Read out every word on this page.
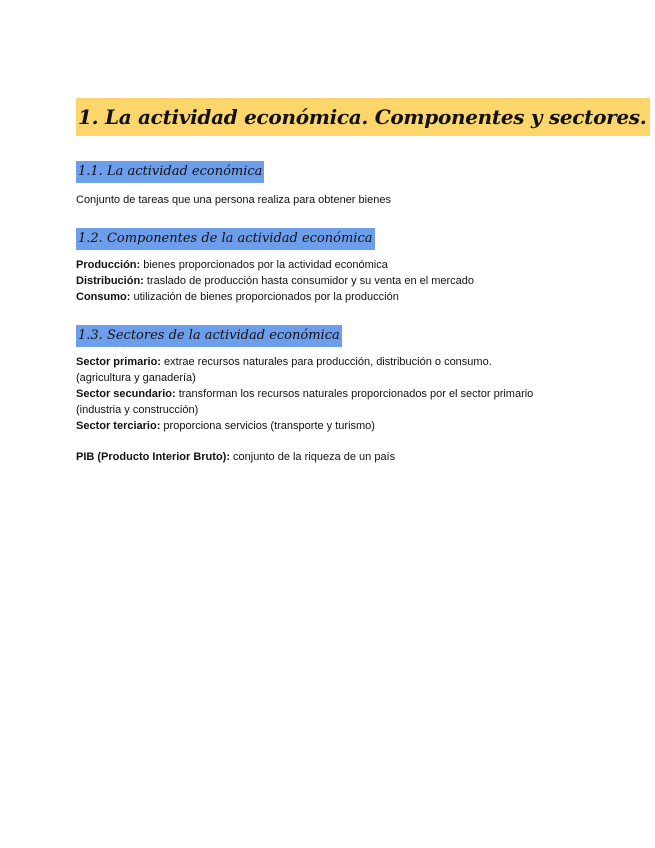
1. La actividad económica. Componentes y sectores.
1.1. La actividad económica
Conjunto de tareas que una persona realiza para obtener bienes
1.2. Componentes de la actividad económica
Producción: bienes proporcionados por la actividad económica
Distribución: traslado de producción hasta consumidor y su venta en el mercado
Consumo: utilización de bienes proporcionados por la producción
1.3. Sectores de la actividad económica
Sector primario: extrae recursos naturales para producción, distribución o consumo.
(agricultura y ganadería)
Sector secundario: transforman los recursos naturales proporcionados por el sector primario
(industria y construcción)
Sector terciario: proporciona servicios (transporte y turismo)
PIB (Producto Interior Bruto): conjunto de la riqueza de un país
